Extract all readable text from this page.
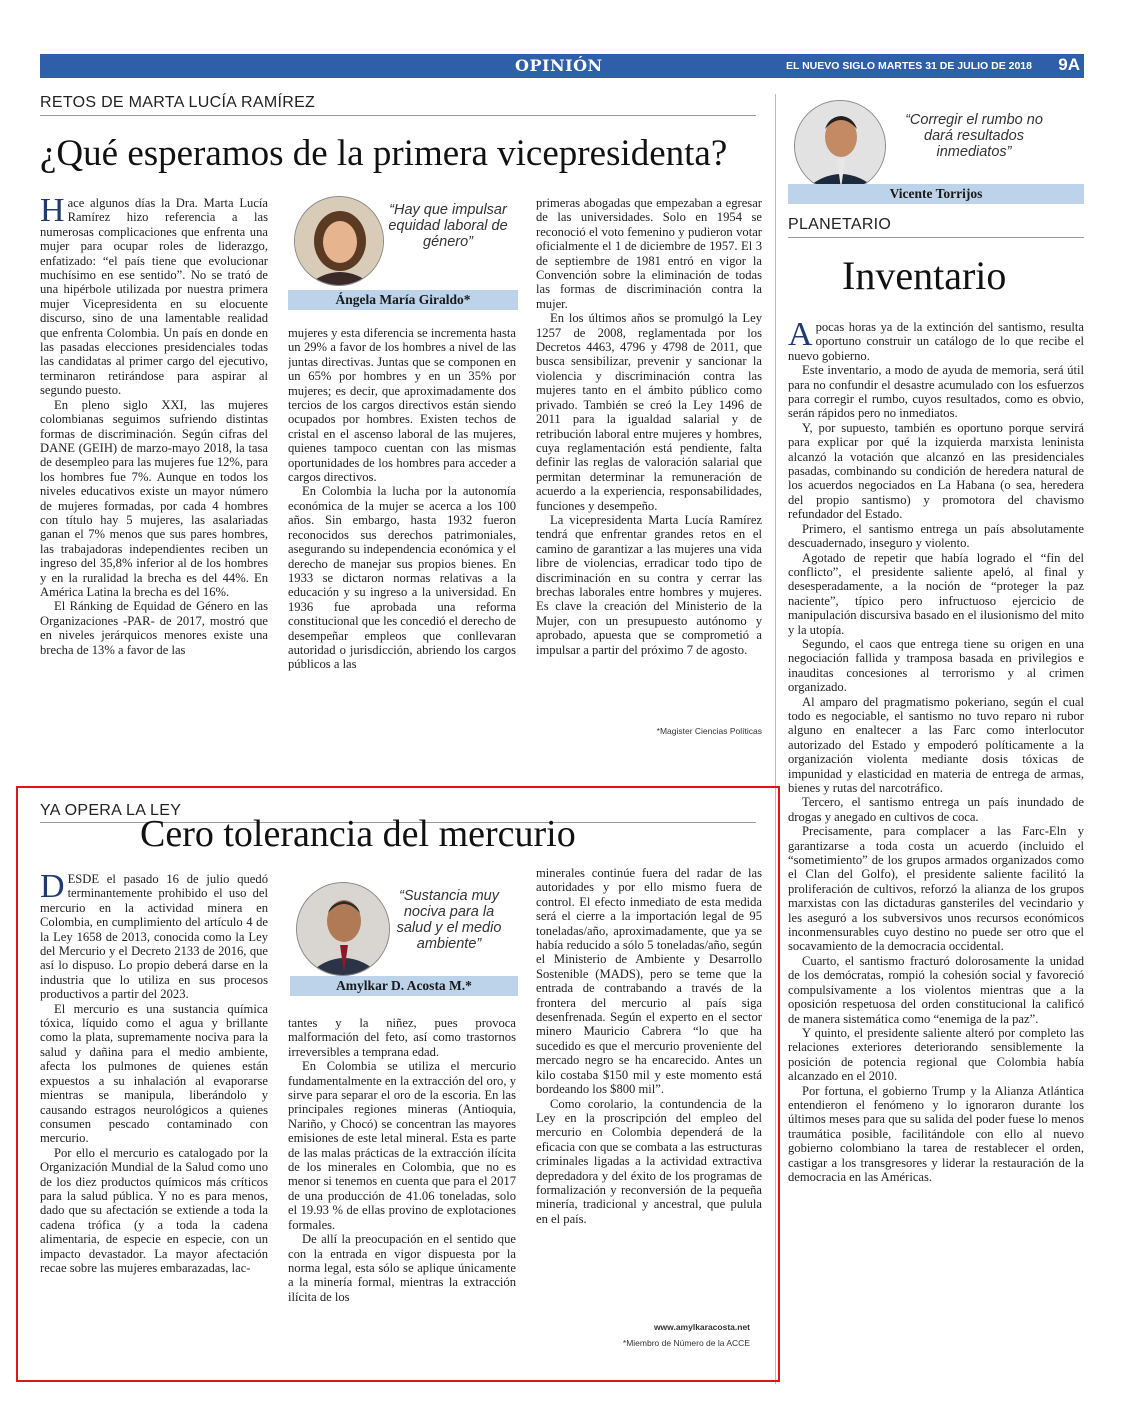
OPINIÓN	EL NUEVO SIGLO MARTES 31 DE JULIO DE 2018 9A
RETOS DE MARTA LUCÍA RAMÍREZ
¿Qué esperamos de la primera vicepresidenta?

Hace algunos días la Dra. Marta Lucía Ramírez hizo referencia a las numerosas complicaciones que enfrenta una mujer para ocupar roles de liderazgo, enfatizado: “el país tiene que evolucionar muchísimo en ese sentido”. No se trató de una hipérbole utilizada por nuestra primera mujer Vicepresidenta en su elocuente discurso, sino de una lamentable realidad que enfrenta Colombia. Un país en donde en las pasadas elecciones presidenciales todas las candidatas al primer cargo del ejecutivo, terminaron retirándose para aspirar al segundo puesto.

En pleno siglo XXI, las mujeres colombianas seguimos sufriendo distintas formas de discriminación. Según cifras del DANE (GEIH) de marzo-mayo 2018, la tasa de desempleo para las mujeres fue 12%, para los hombres fue 7%. Aunque en todos los niveles educativos existe un mayor número de mujeres formadas, por cada 4 hombres con título hay 5 mujeres, las asalariadas ganan el 7% menos que sus pares hombres, las trabajadoras independientes reciben un ingreso del 35,8% inferior al de los hombres y en la ruralidad la brecha es del 44%. En América Latina la brecha es del 16%.

El Ránking de Equidad de Género en las Organizaciones -PAR- de 2017, mostró que en niveles jerárquicos menores existe una brecha de 13% a favor de las

“Hay que impulsar equidad laboral de género”
Ángela María Giraldo*

mujeres y esta diferencia se incrementa hasta un 29% a favor de los hombres a nivel de las juntas directivas. Juntas que se componen en un 65% por hombres y en un 35% por mujeres; es decir, que aproximadamente dos tercios de los cargos directivos están siendo ocupados por hombres. Existen techos de cristal en el ascenso laboral de las mujeres, quienes tampoco cuentan con las mismas oportunidades de los hombres para acceder a cargos directivos.

En Colombia la lucha por la autonomía económica de la mujer se acerca a los 100 años. Sin embargo, hasta 1932 fueron reconocidos sus derechos patrimoniales, asegurando su independencia económica y el derecho de manejar sus propios bienes. En 1933 se dictaron normas relativas a la educación y su ingreso a la universidad. En 1936 fue aprobada una reforma constitucional que les concedió el derecho de desempeñar empleos que conllevaran autoridad o jurisdicción, abriendo los cargos públicos a las

primeras abogadas que empezaban a egresar de las universidades. Solo en 1954 se reconoció el voto femenino y pudieron votar oficialmente el 1 de diciembre de 1957. El 3 de septiembre de 1981 entró en vigor la Convención sobre la eliminación de todas las formas de discriminación contra la mujer.

En los últimos años se promulgó la Ley 1257 de 2008, reglamentada por los Decretos 4463, 4796 y 4798 de 2011, que busca sensibilizar, prevenir y sancionar la violencia y discriminación contra las mujeres tanto en el ámbito público como privado. También se creó la Ley 1496 de 2011 para la igualdad salarial y de retribución laboral entre mujeres y hombres, cuya reglamentación está pendiente, falta definir las reglas de valoración salarial que permitan determinar la remuneración de acuerdo a la experiencia, responsabilidades, funciones y desempeño.

La vicepresidenta Marta Lucía Ramírez tendrá que enfrentar grandes retos en el camino de garantizar a las mujeres una vida libre de violencias, erradicar todo tipo de discriminación en su contra y cerrar las brechas laborales entre hombres y mujeres. Es clave la creación del Ministerio de la Mujer, con un presupuesto autónomo y aprobado, apuesta que se comprometió a impulsar a partir del próximo 7 de agosto.

*Magister Ciencias Políticas
YA OPERA LA LEY
Cero tolerancia del mercurio

DESDE el pasado 16 de julio quedó terminantemente prohibido el uso del mercurio en la actividad minera en Colombia, en cumplimiento del artículo 4 de la Ley 1658 de 2013, conocida como la Ley del Mercurio y el Decreto 2133 de 2016, que así lo dispuso. Lo propio deberá darse en la industria que lo utiliza en sus procesos productivos a partir del 2023.

El mercurio es una sustancia química tóxica, líquido como el agua y brillante como la plata, supremamente nociva para la salud y dañina para el medio ambiente, afecta los pulmones de quienes están expuestos a su inhalación al evaporarse mientras se manipula, liberándolo y causando estragos neurológicos a quienes consumen pescado contaminado con mercurio.

Por ello el mercurio es catalogado por la Organización Mundial de la Salud como uno de los diez productos químicos más críticos para la salud pública. Y no es para menos, dado que su afectación se extiende a toda la cadena trófica (y a toda la cadena alimentaria, de especie en especie, con un impacto devastador. La mayor afectación recae sobre las mujeres embarazadas, lac-

“Sustancia muy nociva para la salud y el medio ambiente”
Amylkar D. Acosta M.*

tantes y la niñez, pues provoca malformación del feto, así como trastornos irreversibles a temprana edad.

En Colombia se utiliza el mercurio fundamentalmente en la extracción del oro, y sirve para separar el oro de la escoria. En las principales regiones mineras (Antioquia, Nariño, y Chocó) se concentran las mayores emisiones de este letal mineral. Esta es parte de las malas prácticas de la extracción ilícita de los minerales en Colombia, que no es menor si tenemos en cuenta que para el 2017 de una producción de 41.06 toneladas, solo el 19.93 % de ellas provino de explotaciones formales.

De allí la preocupación en el sentido que con la entrada en vigor dispuesta por la norma legal, esta sólo se aplique únicamente a la minería formal, mientras la extracción ilícita de los

minerales continúe fuera del radar de las autoridades y por ello mismo fuera de control. El efecto inmediato de esta medida será el cierre a la importación legal de 95 toneladas/año, aproximadamente, que ya se había reducido a sólo 5 toneladas/año, según el Ministerio de Ambiente y Desarrollo Sostenible (MADS), pero se teme que la entrada de contrabando a través de la frontera del mercurio al país siga desenfrenada. Según el experto en el sector minero Mauricio Cabrera “lo que ha sucedido es que el mercurio proveniente del mercado negro se ha encarecido. Antes un kilo costaba $150 mil y este momento está bordeando los $800 mil”.

Como corolario, la contundencia de la Ley en la proscripción del empleo del mercurio en Colombia dependerá de la eficacia con que se combata a las estructuras criminales ligadas a la actividad extractiva depredadora y del éxito de los programas de formalización y reconversión de la pequeña minería, tradicional y ancestral, que pulula en el país.

www.amylkaracosta.net
*Miembro de Número de la ACCE
“Corregir el rumbo no dará resultados inmediatos”
Vicente Torrijos
PLANETARIO
Inventario

Apocas horas ya de la extinción del santismo, resulta oportuno construir un catálogo de lo que recibe el nuevo gobierno.

Este inventario, a modo de ayuda de memoria, será útil para no confundir el desastre acumulado con los esfuerzos para corregir el rumbo, cuyos resultados, como es obvio, serán rápidos pero no inmediatos.

Y, por supuesto, también es oportuno porque servirá para explicar por qué la izquierda marxista leninista alcanzó la votación que alcanzó en las presidenciales pasadas, combinando su condición de heredera natural de los acuerdos negociados en La Habana (o sea, heredera del propio santismo) y promotora del chavismo refundador del Estado.

Primero, el santismo entrega un país absolutamente descuadernado, inseguro y violento.

Agotado de repetir que había logrado el “fin del conflicto”, el presidente saliente apeló, al final y desesperadamente, a la noción de “proteger la paz naciente”, típico pero infructuoso ejercicio de manipulación discursiva basado en el ilusionismo del mito y la utopía.

Segundo, el caos que entrega tiene su origen en una negociación fallida y tramposa basada en privilegios e inauditas concesiones al terrorismo y al crimen organizado.

Al amparo del pragmatismo pokeriano, según el cual todo es negociable, el santismo no tuvo reparo ni rubor alguno en enaltecer a las Farc como interlocutor autorizado del Estado y empoderó políticamente a la organización violenta mediante dosis tóxicas de impunidad y elasticidad en materia de entrega de armas, bienes y rutas del narcotráfico.

Tercero, el santismo entrega un país inundado de drogas y anegado en cultivos de coca.

Precisamente, para complacer a las Farc-Eln y garantizarse a toda costa un acuerdo (incluido el “sometimiento” de los grupos armados organizados como el Clan del Golfo), el presidente saliente facilitó la proliferación de cultivos, reforzó la alianza de los grupos marxistas con las dictaduras gansteriles del vecindario y les aseguró a los subversivos unos recursos económicos inconmensurables cuyo destino no puede ser otro que el socavamiento de la democracia occidental.

Cuarto, el santismo fracturó dolorosamente la unidad de los demócratas, rompió la cohesión social y favoreció compulsivamente a los violentos mientras que a la oposición respetuosa del orden constitucional la calificó de manera sistemática como “enemiga de la paz”.

Y quinto, el presidente saliente alteró por completo las relaciones exteriores deteriorando sensiblemente la posición de potencia regional que Colombia había alcanzado en el 2010.

Por fortuna, el gobierno Trump y la Alianza Atlántica entendieron el fenómeno y lo ignoraron durante los últimos meses para que su salida del poder fuese lo menos traumática posible, facilitándole con ello al nuevo gobierno colombiano la tarea de restablecer el orden, castigar a los transgresores y liderar la restauración de la democracia en las Américas.
